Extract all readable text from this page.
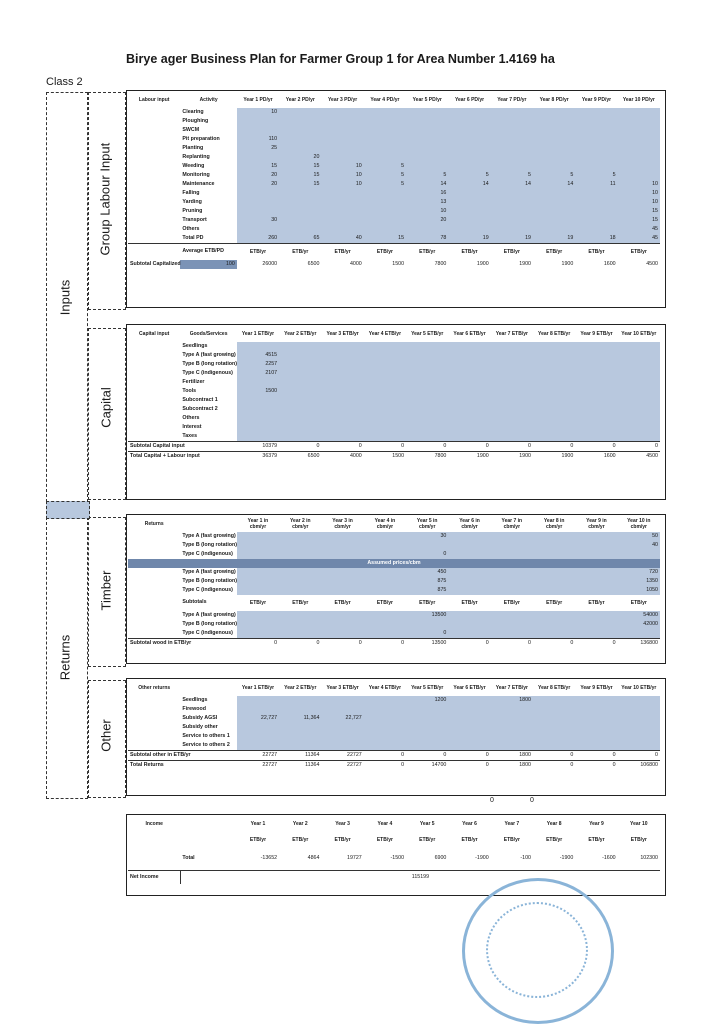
Birye ager Business Plan for Farmer Group 1 for Area Number 1.4169 ha
Class 2
Inputs
Group Labour Input
Capital
Returns
Timber
Other
Labour input	Activity	Year 1 PD/yr	Year 2 PD/yr	Year 3 PD/yr	Year 4 PD/yr	Year 5 PD/yr	Year 6 PD/yr	Year 7 PD/yr	Year 8 PD/yr	Year 9 PD/yr	Year 10 PD/yr
	Clearing	10									
	Ploughing										
	SWCM										
	Pit preparation	110									
	Planting	25									
	Replanting		20								
	Weeding	15	15	10	5						
	Monitoring	20	15	10	5	5	5	5	5	5	
	Maintenance	20	15	10	5	14	14	14	14	11	10
	Falling					16					10
	Yarding					13					10
	Pruning					10					15
	Transport	30				20					15
	Others										45
	Total PD	260	65	40	15	78	19	19	19	18	45
	Average ETB/PD	ETB/yr	ETB/yr	ETB/yr	ETB/yr	ETB/yr	ETB/yr	ETB/yr	ETB/yr	ETB/yr	ETB/yr
Subtotal Capitalized	100	26000	6500	4000	1500	7800	1900	1900	1900	1600	4500
Capital input	Goods/Services	Year 1 ETB/yr	Year 2 ETB/yr	Year 3 ETB/yr	Year 4 ETB/yr	Year 5 ETB/yr	Year 6 ETB/yr	Year 7 ETB/yr	Year 8 ETB/yr	Year 9 ETB/yr	Year 10 ETB/yr
	Seedlings										
	Type A (fast growing)	4515									
	Type B (long rotation)	2257									
	Type C (indigenous)	2107									
	Fertilizer										
	Tools	1500									
	Subcontract 1										
	Subcontract 2										
	Others										
	Interest										
	Taxes										
Subtotal Capital input		10379	0	0	0	0	0	0	0	0	0
Total Capital + Labour input		36379	6500	4000	1500	7800	1900	1900	1900	1600	4500
Returns		Year 1 in cbm/yr	Year 2 in cbm/yr	Year 3 in cbm/yr	Year 4 in cbm/yr	Year 5 in cbm/yr	Year 6 in cbm/yr	Year 7 in cbm/yr	Year 8 in cbm/yr	Year 9 in cbm/yr	Year 10 in cbm/yr
	Type A (fast growing)					30					50
	Type B (long rotation)										40
	Type C (indigenous)					0					
Assumed prices/cbm											
	Type A (fast growing)					450					720
	Type B (long rotation)					875					1350
	Type C (indigenous)					875					1050
	Subtotals	ETB/yr	ETB/yr	ETB/yr	ETB/yr	ETB/yr	ETB/yr	ETB/yr	ETB/yr	ETB/yr	ETB/yr
	Type A (fast growing)					13500					54000
	Type B (long rotation)										42000
	Type C (indigenous)					0					
Subtotal wood in ETB/yr		0	0	0	0	13500	0	0	0	0	136800
Other returns		Year 1 ETB/yr	Year 2 ETB/yr	Year 3 ETB/yr	Year 4 ETB/yr	Year 5 ETB/yr	Year 6 ETB/yr	Year 7 ETB/yr	Year 8 ETB/yr	Year 9 ETB/yr	Year 10 ETB/yr
	Seedlings					1200		1800			
	Firewood										
	Subsidy AGSI	22,727	11,364	22,727							
	Subsidy other										
	Service to others 1										
	Service to others 2										
Subtotal other in ETB/yr		22727	11364	22727	0	0	0	1800	0	0	0
Total Returns		22727	11364	22727	0	14700	0	1800	0	0	106800
Income		Year 1	Year 2	Year 3	Year 4	Year 5	Year 6	Year 7	Year 8	Year 9	Year 10
		ETB/yr	ETB/yr	ETB/yr	ETB/yr	ETB/yr	ETB/yr	ETB/yr	ETB/yr	ETB/yr	ETB/yr
	Total	-13652	4864	19727	-1500	6900	-1900	-100	-1900	-1600	102300
Net Income	115199										
0	0
